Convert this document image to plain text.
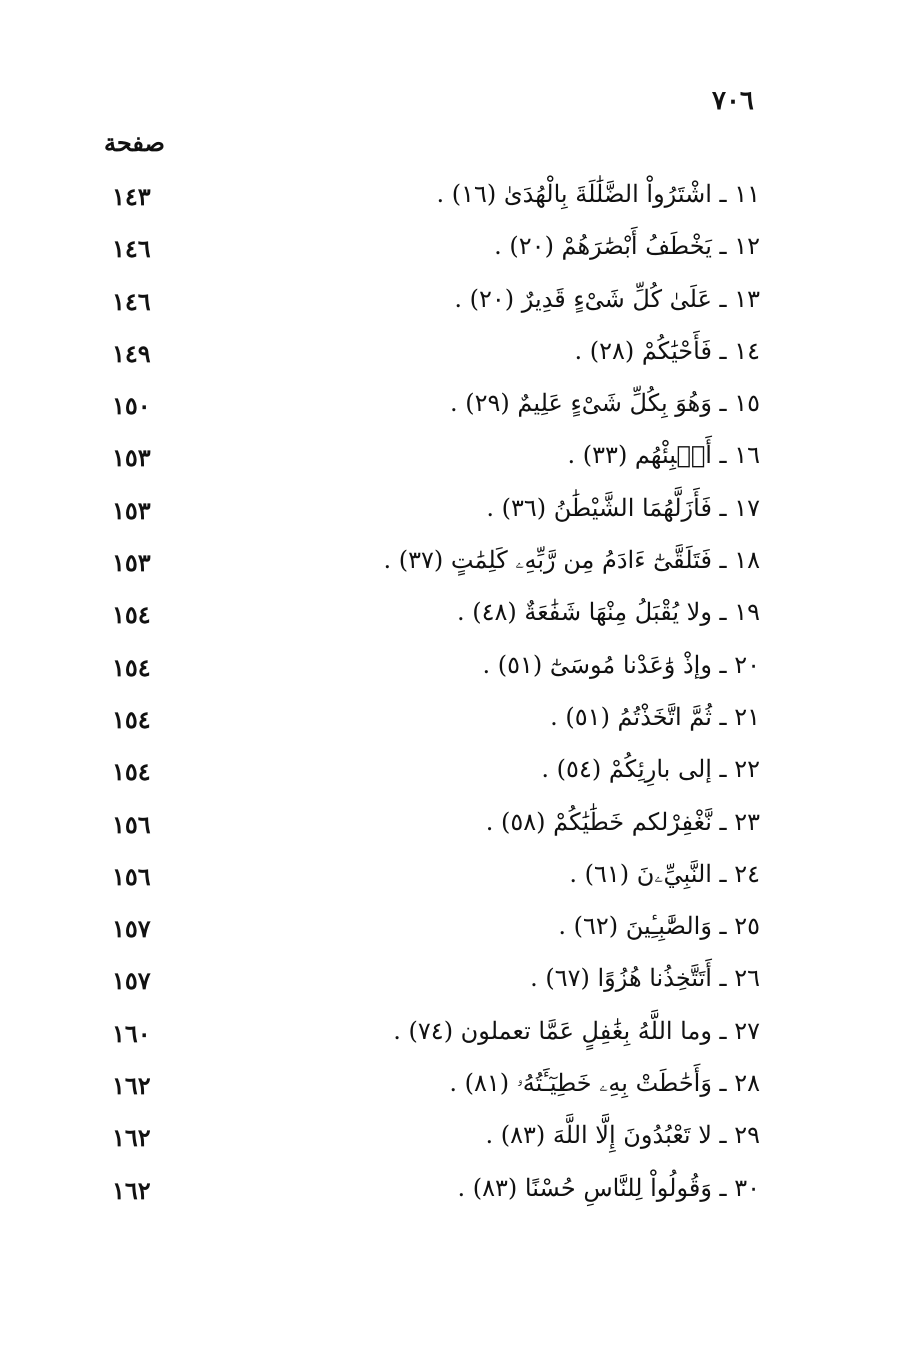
٧٠٦
صفحة
١١ ـ اشْتَرُواْ الضَّلَٰلَةَ بِالْهُدَىٰ (١٦) .
١٤٣
١٢ ـ يَخْطَفُ أَبْصَٰرَهُمْ (٢٠) .
١٤٦
١٣ ـ عَلَىٰ كُلِّ شَىْءٍ قَدِيرٌ (٢٠) .
١٤٦
١٤ ـ فَأَحْيَٰكُمْ (٢٨) .
١٤٩
١٥ ـ وَهُوَ بِكُلِّ شَىْءٍ عَلِيمٌ (٢٩) .
١٥٠
١٦ ـ أَنۢبِئْهُم (٣٣) .
١٥٣
١٧ ـ فَأَزَلَّهُمَا الشَّيْطَٰنُ (٣٦) .
١٥٣
١٨ ـ فَتَلَقَّىٰٓ ءَادَمُ مِن رَّبِّهِۦ كَلِمَٰتٍ (٣٧) .
١٥٣
١٩ ـ ولا يُقْبَلُ مِنْهَا شَفَٰعَةٌ (٤٨) .
١٥٤
٢٠ ـ وإذْ وَٰعَدْنا مُوسَىٰٓ (٥١) .
١٥٤
٢١ ـ ثُمَّ اتَّخَذْتُمُ (٥١) .
١٥٤
٢٢ ـ إلى بارِئِكُمْ (٥٤) .
١٥٤
٢٣ ـ نَّغْفِرْلكم خَطَٰيَٰكُمْ (٥٨) .
١٥٦
٢٤ ـ النَّبِيِّۦنَ (٦١) .
١٥٦
٢٥ ـ وَالصَّٰبِـِٔينَ (٦٢) .
١٥٧
٢٦ ـ أَتَتَّخِذُنا هُزُوًا (٦٧) .
١٥٧
٢٧ ـ وما اللَّهُ بِغَٰفِلٍ عَمَّا تعملون (٧٤) .
١٦٠
٢٨ ـ وَأَحَٰطَتْ بِهِۦ خَطِيٓـَٔتُهُۥ (٨١) .
١٦٢
٢٩ ـ لا تَعْبُدُونَ إِلَّا اللَّهَ (٨٣) .
١٦٢
٣٠ ـ وَقُولُواْ لِلنَّاسِ حُسْنًا (٨٣) .
١٦٢
